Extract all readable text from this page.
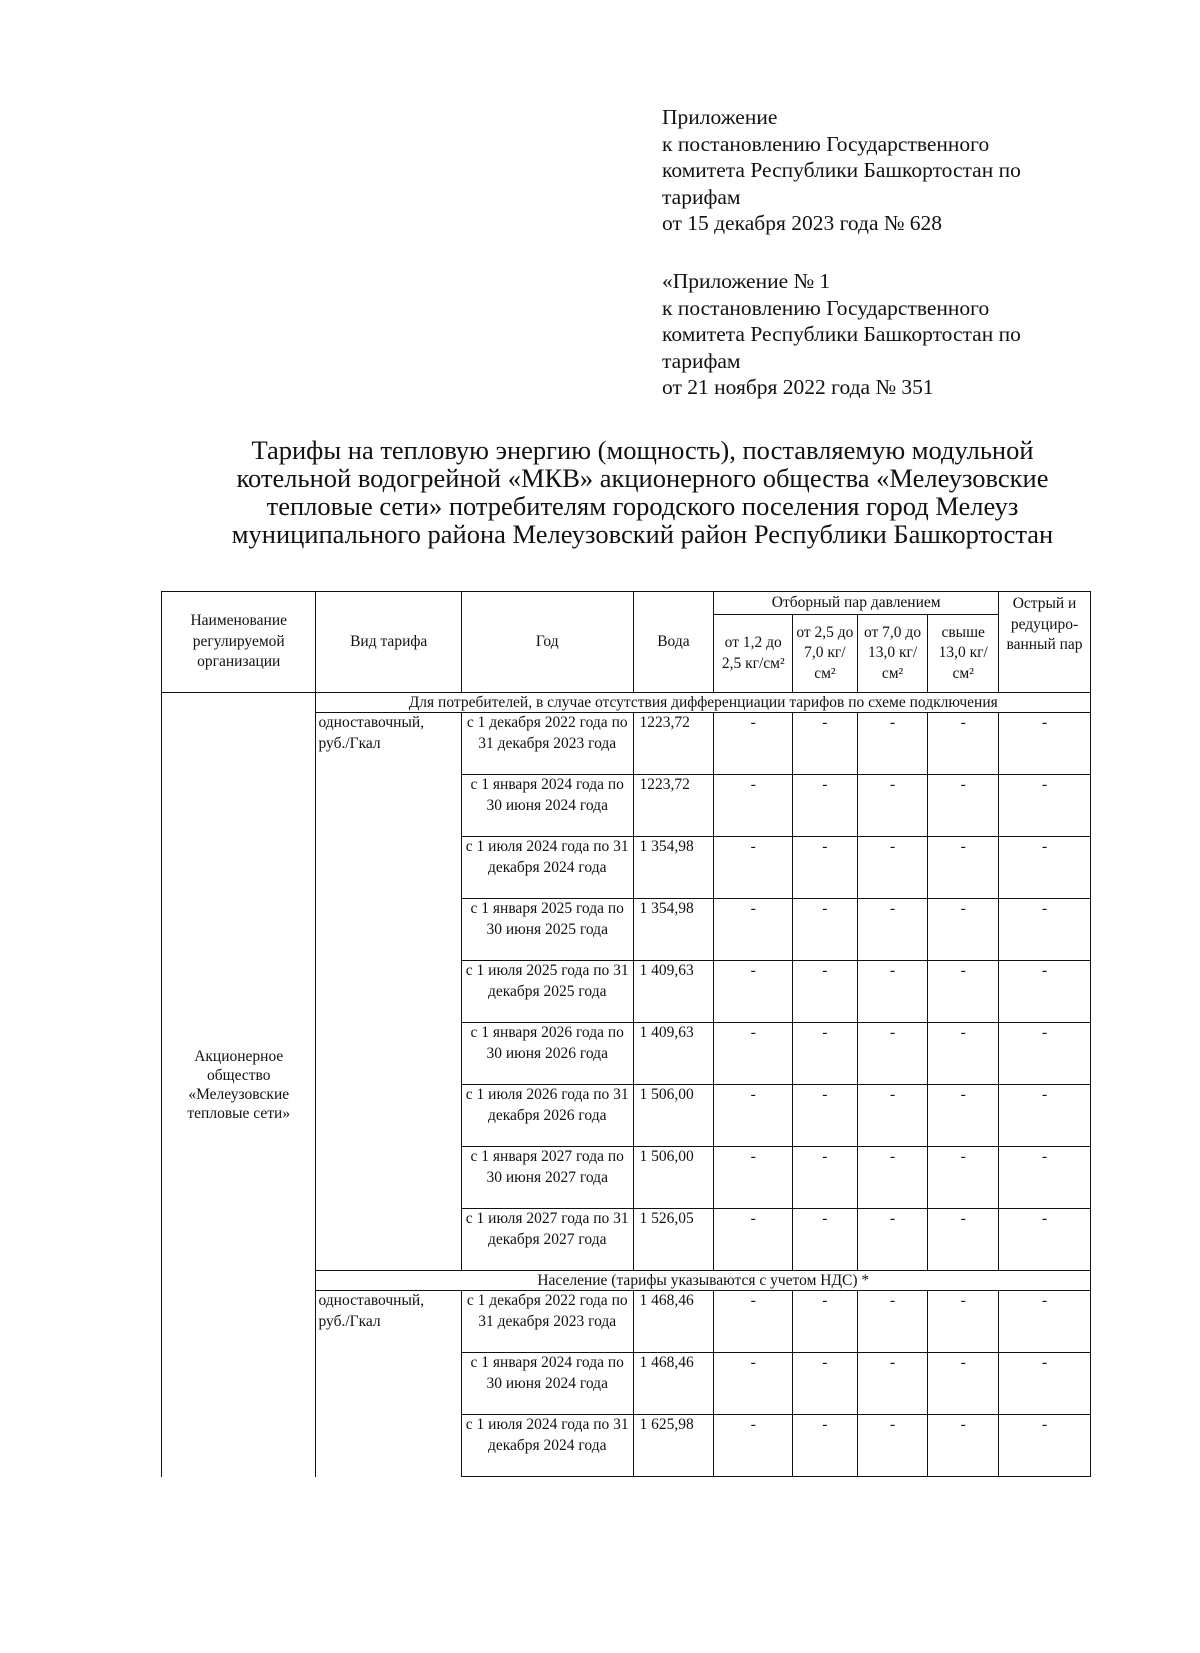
Приложение
к постановлению Государственного
комитета Республики Башкортостан по
тарифам
от 15 декабря 2023 года № 628
«Приложение № 1
к постановлению Государственного
комитета Республики Башкортостан по
тарифам
от 21 ноября 2022 года № 351
Тарифы на тепловую энергию (мощность), поставляемую модульной
котельной водогрейной «МКВ» акционерного общества «Мелеузовские
тепловые сети» потребителям городского поселения город Мелеуз
муниципального района Мелеузовский район Республики Башкортостан
Наименование регулируемой организации	Вид тарифа	Год	Вода	Отборный пар давлением				Острый и редуциро-ванный пар
				от 1,2 до 2,5 кг/см²	от 2,5 до 7,0 кг/см²	от 7,0 до 13,0 кг/см²	свыше 13,0 кг/см²	
Акционерное общество «Мелеузовские тепловые сети»	Для потребителей, в случае отсутствия дифференциации тарифов по схеме подключения							
	одноставочный, руб./Гкал	с 1 декабря 2022 года по 31 декабря 2023 года	1223,72	-	-	-	-	-
		с 1 января 2024 года по 30 июня 2024 года	1223,72	-	-	-	-	-
		с 1 июля 2024 года по 31 декабря 2024 года	1 354,98	-	-	-	-	-
		с 1 января 2025 года по 30 июня 2025 года	1 354,98	-	-	-	-	-
		с 1 июля 2025 года по 31 декабря 2025 года	1 409,63	-	-	-	-	-
		с 1 января 2026 года по 30 июня 2026 года	1 409,63	-	-	-	-	-
		с 1 июля 2026 года по 31 декабря 2026 года	1 506,00	-	-	-	-	-
		с 1 января 2027 года по 30 июня 2027 года	1 506,00	-	-	-	-	-
		с 1 июля 2027 года по 31 декабря 2027 года	1 526,05	-	-	-	-	-
	Население (тарифы указываются с учетом НДС) *							
	одноставочный, руб./Гкал	с 1 декабря 2022 года по 31 декабря 2023 года	1 468,46	-	-	-	-	-
		с 1 января 2024 года по 30 июня 2024 года	1 468,46	-	-	-	-	-
		с 1 июля 2024 года по 31 декабря 2024 года	1 625,98	-	-	-	-	-
